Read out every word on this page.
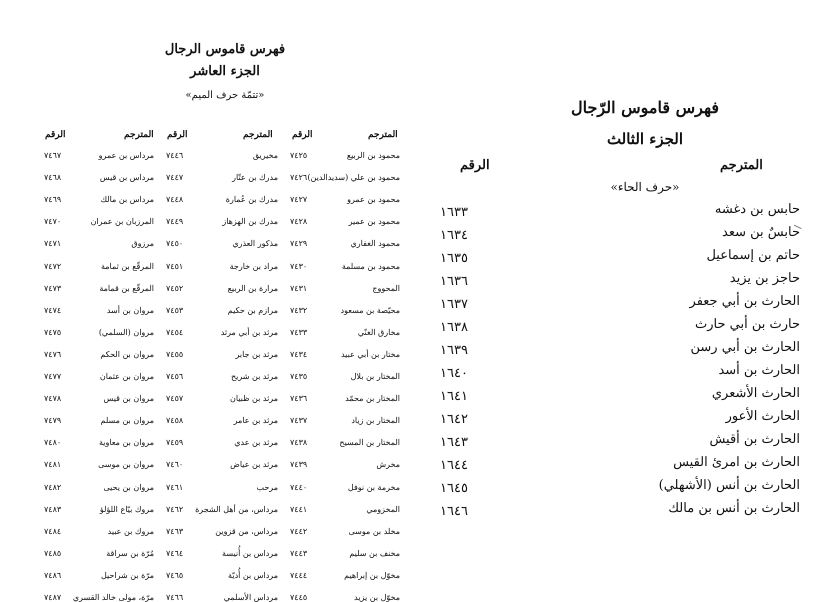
فهرس قاموس الرجال
الجزء العاشر
«تتمّة حرف الميم»
المترجم
الرقم
محمود بن الربيع
٧٤٢٥
محمود بن علي (سديدالدين)
٧٤٢٦
محمود بن عمرو
٧٤٢٧
محمود بن عمير
٧٤٢٨
محمود الغفاري
٧٤٢٩
محمود بن مسلمة
٧٤٣٠
المحووج
٧٤٣١
محيّصة بن مسعود
٧٤٣٢
مخارق الغنّي
٧٤٣٣
مختار بن أبي عبيد
٧٤٣٤
المختار بن بلال
٧٤٣٥
المختار بن محمّد
٧٤٣٦
المختار بن زياد
٧٤٣٧
المختار بن المسيح
٧٤٣٨
مخرش
٧٤٣٩
مخرمة بن نوفل
٧٤٤٠
المخزومي
٧٤٤١
مخلد بن موسى
٧٤٤٢
مخنف بن سليم
٧٤٤٣
مخوّل بن إبراهيم
٧٤٤٤
مخوّل بن يزيد
٧٤٤٥
المترجم
الرقم
مخيريق
٧٤٤٦
مدرك بن عتّار
٧٤٤٧
مدرك بن عُمارة
٧٤٤٨
مدرك بن الهزهاز
٧٤٤٩
مذكور العذري
٧٤٥٠
مراد بن خارجة
٧٤٥١
مرارة بن الربيع
٧٤٥٢
مرازم بن حكيم
٧٤٥٣
مرثد بن أبي مرثد
٧٤٥٤
مرثد بن جابر
٧٤٥٥
مرثد بن شريح
٧٤٥٦
مرثد بن ظبيان
٧٤٥٧
مرثد بن عامر
٧٤٥٨
مرثد بن عدي
٧٤٥٩
مرثد بن عياض
٧٤٦٠
مرحب
٧٤٦١
مرداس، من أهل الشجرة
٧٤٦٢
مرداس، من قزوين
٧٤٦٣
مرداس بن أُنيسة
٧٤٦٤
مرداس بن أُديّة
٧٤٦٥
مرداس الأسلمي
٧٤٦٦
المترجم
الرقم
مرداس بن عمرو
٧٤٦٧
مرداس بن قيس
٧٤٦٨
مرداس بن مالك
٧٤٦٩
المرزبان بن عمران
٧٤٧٠
مرزوق
٧٤٧١
المرقّع بن ثمامة
٧٤٧٢
المرقّع بن قمامة
٧٤٧٣
مروان بن أسد
٧٤٧٤
مروان (السلمي)
٧٤٧٥
مروان بن الحكم
٧٤٧٦
مروان بن عثمان
٧٤٧٧
مروان بن قيس
٧٤٧٨
مروان بن مسلم
٧٤٧٩
مروان بن معاوية
٧٤٨٠
مروان بن موسى
٧٤٨١
مروان بن يحيى
٧٤٨٢
مروك بيّاع اللؤلؤ
٧٤٨٣
مروك بن عبيد
٧٤٨٤
مُرّة بن سراقة
٧٤٨٥
مرّة بن شراحيل
٧٤٨٦
مرّة، مولى خالد القسري
٧٤٨٧
فهرس قاموس الرّجال
الجزء الثالث
المترجم
الرقم
«حرف الحاء»
حابس بن دغشه
١٦٣٣
حابسٌ بن سعد
١٦٣٤
حاتم بن إسماعيل
١٦٣٥
حاجز بن يزيد
١٦٣٦
الحارث بن أبي جعفر
١٦٣٧
حارث بن أبي حارث
١٦٣٨
الحارث بن أبي رسن
١٦٣٩
الحارث بن أسد
١٦٤٠
الحارث الأشعري
١٦٤١
الحارث الأعور
١٦٤٢
الحارث بن أقيش
١٦٤٣
الحارث بن امرئ القيس
١٦٤٤
الحارث بن أنس (الأشهلي)
١٦٤٥
الحارث بن أنس بن مالك
١٦٤٦
